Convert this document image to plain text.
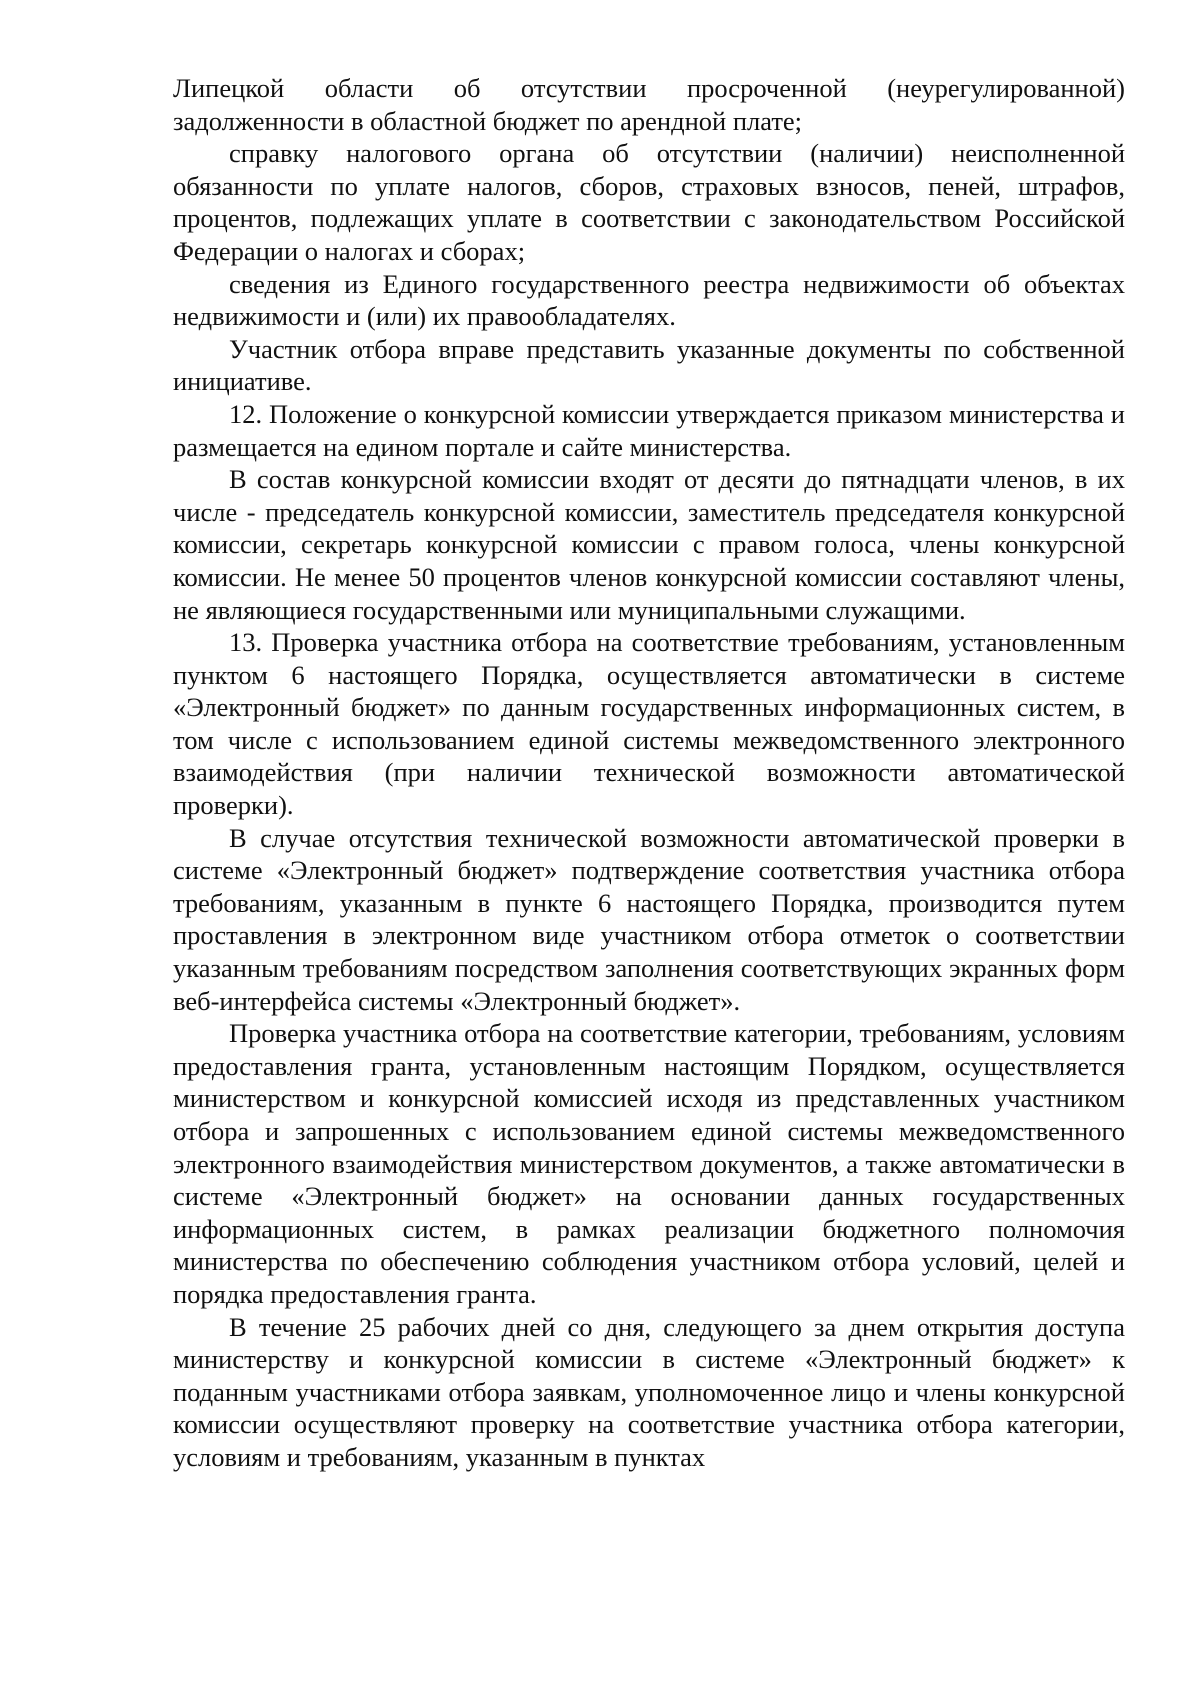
Липецкой области об отсутствии просроченной (неурегулированной) задолженности в областной бюджет по арендной плате;

справку налогового органа об отсутствии (наличии) неисполненной обязанности по уплате налогов, сборов, страховых взносов, пеней, штрафов, процентов, подлежащих уплате в соответствии с законодательством Российской Федерации о налогах и сборах;

сведения из Единого государственного реестра недвижимости об объектах недвижимости и (или) их правообладателях.

Участник отбора вправе представить указанные документы по собственной инициативе.

12. Положение о конкурсной комиссии утверждается приказом министерства и размещается на едином портале и сайте министерства.

В состав конкурсной комиссии входят от десяти до пятнадцати членов, в их числе - председатель конкурсной комиссии, заместитель председателя конкурсной комиссии, секретарь конкурсной комиссии с правом голоса, члены конкурсной комиссии. Не менее 50 процентов членов конкурсной комиссии составляют члены, не являющиеся государственными или муниципальными служащими.

13. Проверка участника отбора на соответствие требованиям, установленным пунктом 6 настоящего Порядка, осуществляется автоматически в системе «Электронный бюджет» по данным государственных информационных систем, в том числе с использованием единой системы межведомственного электронного взаимодействия (при наличии технической возможности автоматической проверки).

В случае отсутствия технической возможности автоматической проверки в системе «Электронный бюджет» подтверждение соответствия участника отбора требованиям, указанным в пункте 6 настоящего Порядка, производится путем проставления в электронном виде участником отбора отметок о соответствии указанным требованиям посредством заполнения соответствующих экранных форм веб-интерфейса системы «Электронный бюджет».

Проверка участника отбора на соответствие категории, требованиям, условиям предоставления гранта, установленным настоящим Порядком, осуществляется министерством и конкурсной комиссией исходя из представленных участником отбора и запрошенных с использованием единой системы межведомственного электронного взаимодействия министерством документов, а также автоматически в системе «Электронный бюджет» на основании данных государственных информационных систем, в рамках реализации бюджетного полномочия министерства по обеспечению соблюдения участником отбора условий, целей и порядка предоставления гранта.

В течение 25 рабочих дней со дня, следующего за днем открытия доступа министерству и конкурсной комиссии в системе «Электронный бюджет» к поданным участниками отбора заявкам, уполномоченное лицо и члены конкурсной комиссии осуществляют проверку на соответствие участника отбора категории, условиям и требованиям, указанным в пунктах
